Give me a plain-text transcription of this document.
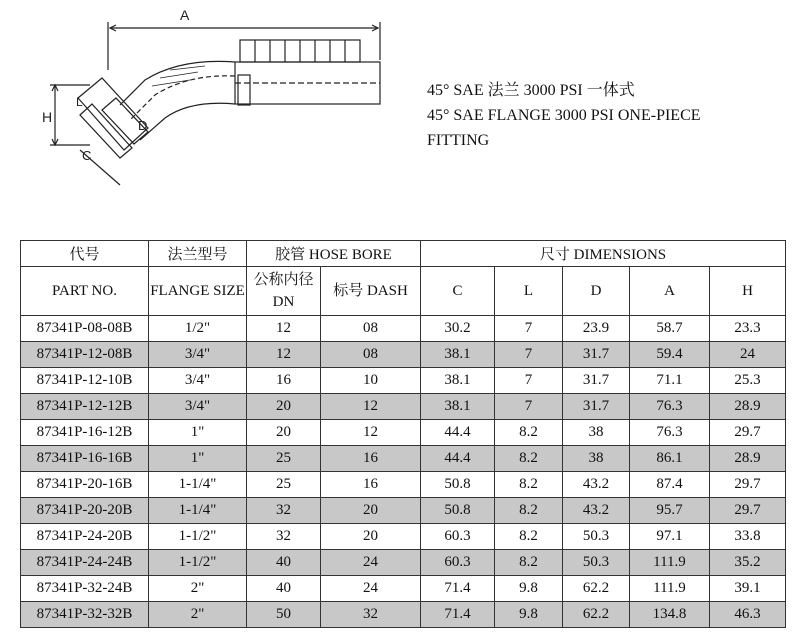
A
H
L
C
D
45° SAE 法兰 3000 PSI 一体式
45° SAE FLANGE 3000 PSI ONE-PIECE
FITTING
代号	法兰型号	胶管 HOSE BORE		尺寸 DIMENSIONS				
PART NO.	FLANGE SIZE	公称内径 DN	标号 DASH	C	L	D	A	H
87341P-08-08B	1/2"	12	08	30.2	7	23.9	58.7	23.3
87341P-12-08B	3/4"	12	08	38.1	7	31.7	59.4	24
87341P-12-10B	3/4"	16	10	38.1	7	31.7	71.1	25.3
87341P-12-12B	3/4"	20	12	38.1	7	31.7	76.3	28.9
87341P-16-12B	1"	20	12	44.4	8.2	38	76.3	29.7
87341P-16-16B	1"	25	16	44.4	8.2	38	86.1	28.9
87341P-20-16B	1-1/4"	25	16	50.8	8.2	43.2	87.4	29.7
87341P-20-20B	1-1/4"	32	20	50.8	8.2	43.2	95.7	29.7
87341P-24-20B	1-1/2"	32	20	60.3	8.2	50.3	97.1	33.8
87341P-24-24B	1-1/2"	40	24	60.3	8.2	50.3	111.9	35.2
87341P-32-24B	2"	40	24	71.4	9.8	62.2	111.9	39.1
87341P-32-32B	2"	50	32	71.4	9.8	62.2	134.8	46.3
